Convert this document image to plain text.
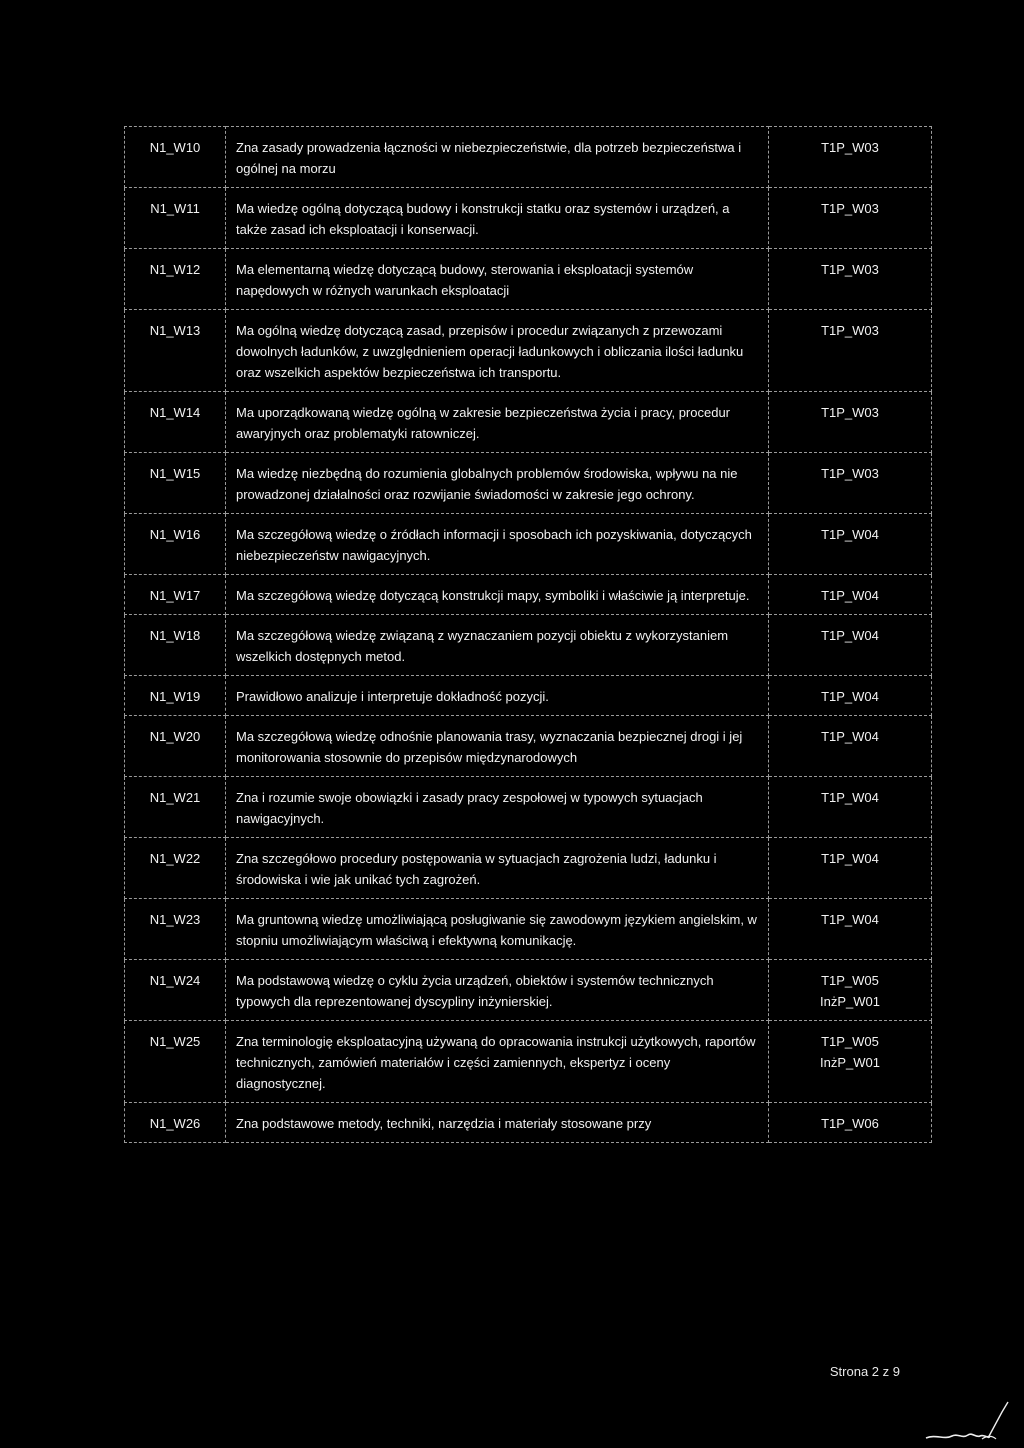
N1_W10	Zna zasady prowadzenia łączności w niebezpieczeństwie, dla potrzeb bezpieczeństwa i ogólnej na morzu	T1P_W03

N1_W11	Ma wiedzę ogólną dotyczącą budowy i konstrukcji statku oraz systemów i urządzeń, a także zasad ich eksploatacji i konserwacji.	T1P_W03

N1_W12	Ma elementarną wiedzę dotyczącą budowy, sterowania i eksploatacji systemów napędowych w różnych warunkach eksploatacji	T1P_W03

N1_W13	Ma ogólną wiedzę dotyczącą zasad, przepisów i procedur związanych z przewozami dowolnych ładunków, z uwzględnieniem operacji ładunkowych i obliczania ilości ładunku oraz wszelkich aspektów bezpieczeństwa ich transportu.	T1P_W03

N1_W14	Ma uporządkowaną wiedzę ogólną w zakresie bezpieczeństwa życia i pracy, procedur awaryjnych oraz problematyki ratowniczej.	T1P_W03

N1_W15	Ma wiedzę niezbędną do rozumienia globalnych problemów środowiska, wpływu na nie prowadzonej działalności oraz rozwijanie świadomości w zakresie jego ochrony.	T1P_W03

N1_W16	Ma szczegółową wiedzę o źródłach informacji i sposobach ich pozyskiwania, dotyczących niebezpieczeństw nawigacyjnych.	T1P_W04

N1_W17	Ma szczegółową wiedzę dotyczącą konstrukcji mapy, symboliki i właściwie ją interpretuje.	T1P_W04

N1_W18	Ma szczegółową wiedzę związaną z wyznaczaniem pozycji obiektu z wykorzystaniem wszelkich dostępnych metod.	T1P_W04

N1_W19	Prawidłowo analizuje i interpretuje dokładność pozycji.	T1P_W04

N1_W20	Ma szczegółową wiedzę odnośnie planowania trasy, wyznaczania bezpiecznej drogi i jej monitorowania stosownie do przepisów międzynarodowych	T1P_W04

N1_W21	Zna i rozumie swoje obowiązki i zasady pracy zespołowej w typowych sytuacjach nawigacyjnych.	T1P_W04

N1_W22	Zna szczegółowo procedury postępowania w sytuacjach zagrożenia ludzi, ładunku i środowiska i wie jak unikać tych zagrożeń.	T1P_W04

N1_W23	Ma gruntowną wiedzę umożliwiającą posługiwanie się zawodowym językiem angielskim, w stopniu umożliwiającym właściwą i efektywną komunikację.	T1P_W04

N1_W24	Ma podstawową wiedzę o cyklu życia urządzeń, obiektów i systemów technicznych typowych dla reprezentowanej dyscypliny inżynierskiej.	T1P_W05
InżP_W01

N1_W25	Zna terminologię eksploatacyjną używaną do opracowania instrukcji użytkowych, raportów technicznych, zamówień materiałów i części zamiennych, ekspertyz i oceny diagnostycznej.	T1P_W05
InżP_W01

N1_W26	Zna podstawowe metody, techniki, narzędzia i materiały stosowane przy	T1P_W06
Strona 2 z 9
